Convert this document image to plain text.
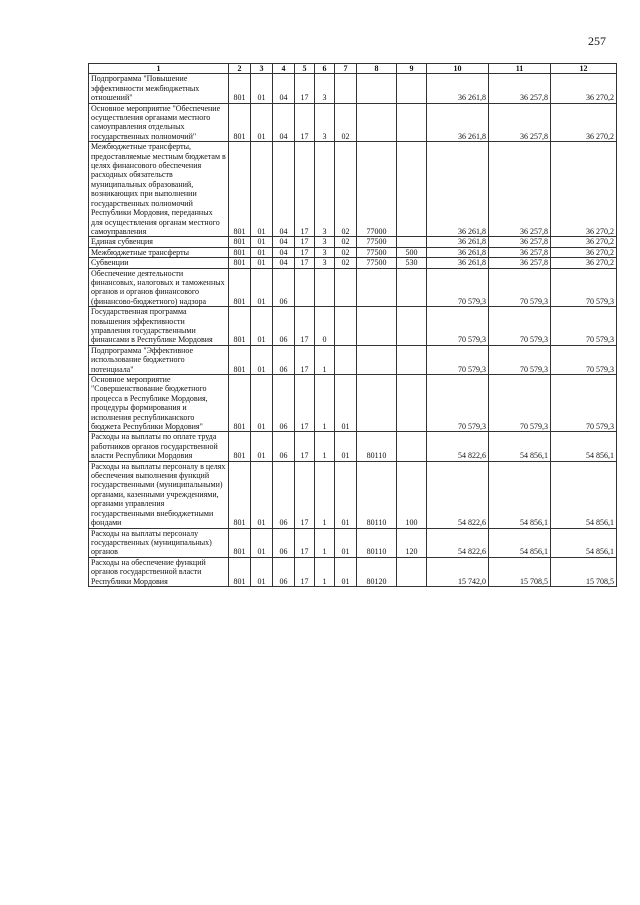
257
1	2	3	4	5	6	7	8	9	10	11	12
Подпрограмма "Повышение эффективности межбюджетных отношений"	801	01	04	17	3				36 261,8	36 257,8	36 270,2
Основное мероприятие "Обеспечение осуществления органами местного самоуправления отдельных государственных полномочий"	801	01	04	17	3	02			36 261,8	36 257,8	36 270,2
Межбюджетные трансферты, предоставляемые местным бюджетам в целях финансового обеспечения расходных обязательств муниципальных образований, возникающих при выполнении государственных полномочий Республики Мордовия, переданных для осуществления органам местного самоуправления	801	01	04	17	3	02	77000		36 261,8	36 257,8	36 270,2
Единая субвенция	801	01	04	17	3	02	77500		36 261,8	36 257,8	36 270,2
Межбюджетные трансферты	801	01	04	17	3	02	77500	500	36 261,8	36 257,8	36 270,2
Субвенции	801	01	04	17	3	02	77500	530	36 261,8	36 257,8	36 270,2
Обеспечение деятельности финансовых, налоговых и таможенных органов и органов финансового (финансово-бюджетного) надзора	801	01	06						70 579,3	70 579,3	70 579,3
Государственная программа повышения эффективности управления государственными финансами в Республике Мордовия	801	01	06	17	0				70 579,3	70 579,3	70 579,3
Подпрограмма "Эффективное использование бюджетного потенциала"	801	01	06	17	1				70 579,3	70 579,3	70 579,3
Основное мероприятие "Совершенствование бюджетного процесса в Республике Мордовия, процедуры формирования и исполнения республиканского бюджета Республики Мордовия"	801	01	06	17	1	01			70 579,3	70 579,3	70 579,3
Расходы на выплаты по оплате труда работников органов государственной власти Республики Мордовия	801	01	06	17	1	01	80110		54 822,6	54 856,1	54 856,1
Расходы на выплаты персоналу в целях обеспечения выполнения функций государственными (муниципальными) органами, казенными учреждениями, органами управления государственными внебюджетными фондами	801	01	06	17	1	01	80110	100	54 822,6	54 856,1	54 856,1
Расходы на выплаты персоналу государственных (муниципальных) органов	801	01	06	17	1	01	80110	120	54 822,6	54 856,1	54 856,1
Расходы на обеспечение функций органов государственной власти Республики Мордовия	801	01	06	17	1	01	80120		15 742,0	15 708,5	15 708,5
